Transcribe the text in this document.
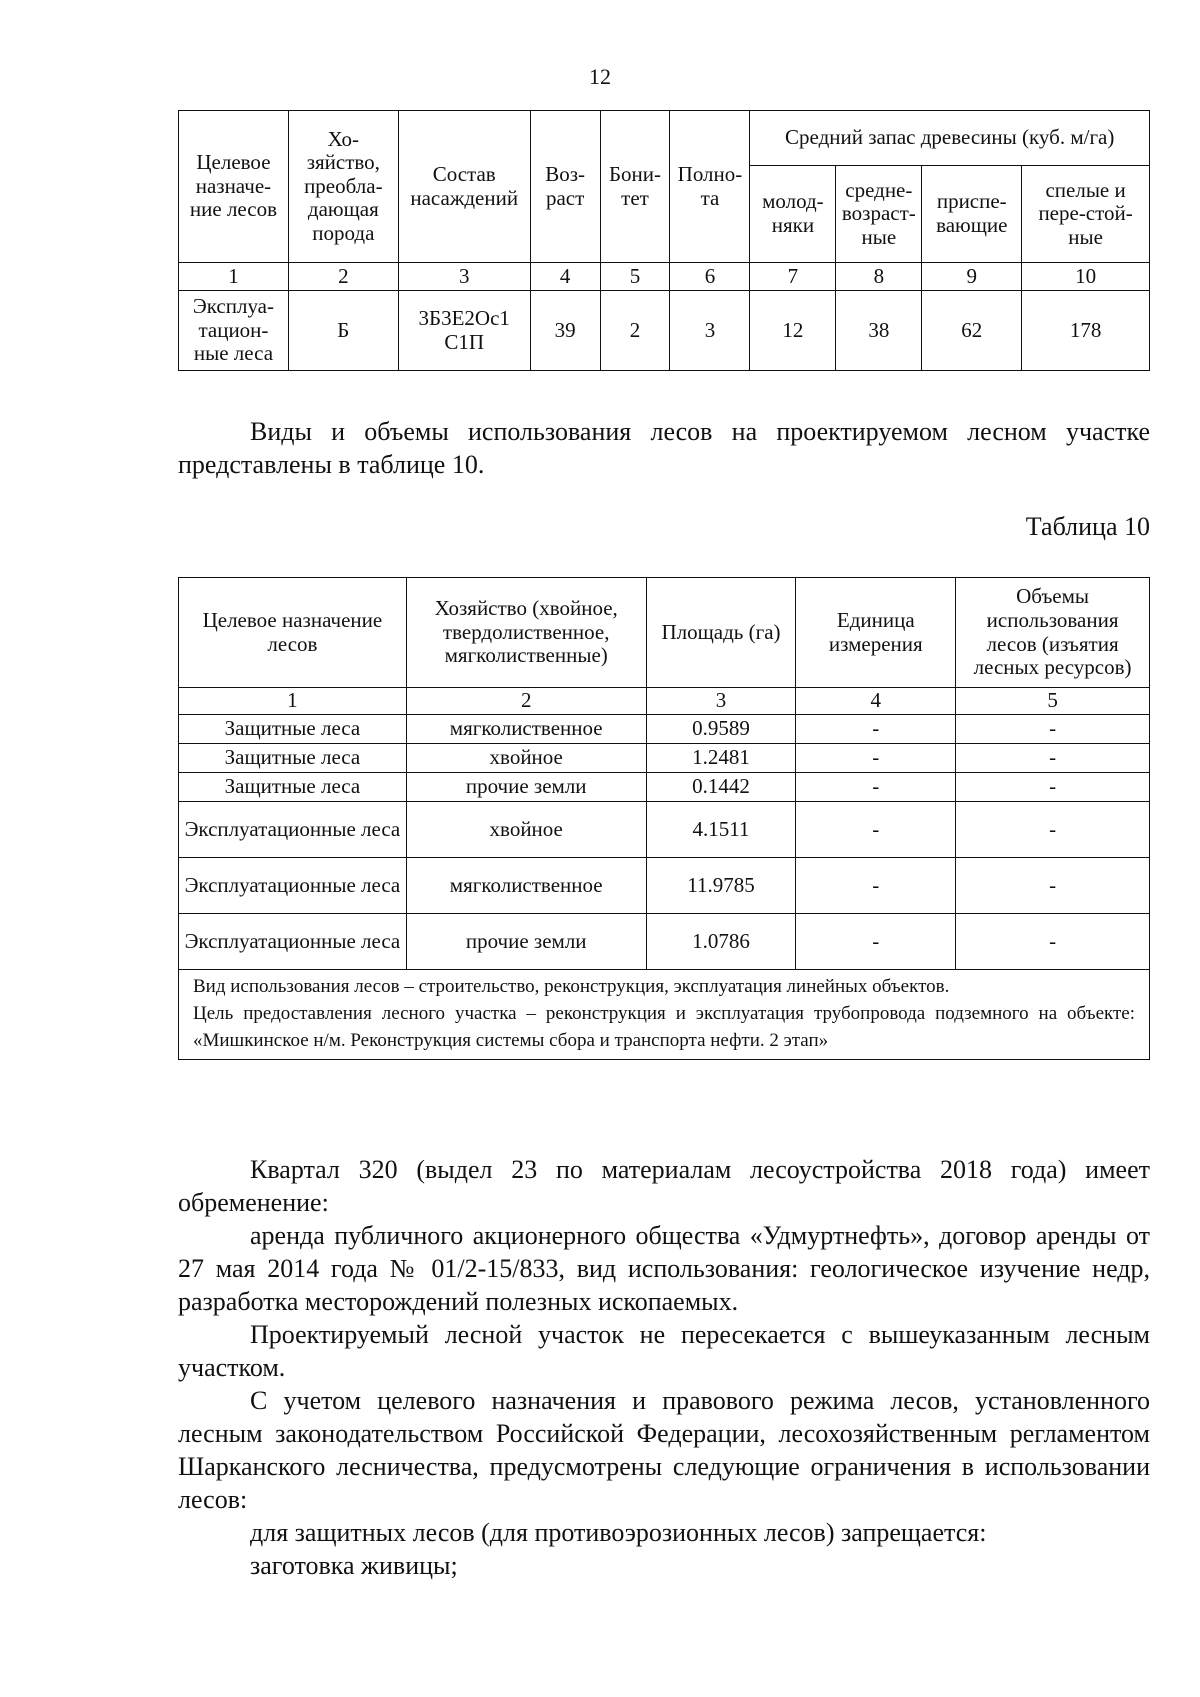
12
Целевое назначе-ние лесов	Хо-зяйство, преобла-дающая порода	Состав насаждений	Воз-раст	Бони-тет	Полно-та	Средний запас древесины (куб. м/га)			
						молод-няки	средне-возраст-ные	приспе-вающие	спелые и пере-стой-ные
1	2	3	4	5	6	7	8	9	10
Эксплуа-тацион-ные леса	Б	3Б3Е2Ос1 С1П	39	2	3	12	38	62	178

Виды и объемы использования лесов на проектируемом лесном участке представлены в таблице 10.

Таблица 10
Целевое назначение лесов	Хозяйство (хвойное, твердолиственное, мягколиственные)	Площадь (га)	Единица измерения	Объемы использования лесов (изъятия лесных ресурсов)
1	2	3	4	5
Защитные леса	мягколиственное	0.9589	-	-
Защитные леса	хвойное	1.2481	-	-
Защитные леса	прочие земли	0.1442	-	-
Эксплуатационные леса	хвойное	4.1511	-	-
Эксплуатационные леса	мягколиственное	11.9785	-	-
Эксплуатационные леса	прочие земли	1.0786	-	-

Вид использования лесов – строительство, реконструкция, эксплуатация линейных объектов.
Цель предоставления лесного участка – реконструкция и эксплуатация трубопровода подземного на объекте: «Мишкинское н/м. Реконструкция системы сбора и транспорта нефти. 2 этап»				

Квартал 320 (выдел 23 по материалам лесоустройства 2018 года) имеет обременение:

аренда публичного акционерного общества «Удмуртнефть», договор аренды от 27 мая 2014 года № 01/2-15/833, вид использования: геологическое изучение недр, разработка месторождений полезных ископаемых.

Проектируемый лесной участок не пересекается с вышеуказанным лесным участком.

С учетом целевого назначения и правового режима лесов, установленного лесным законодательством Российской Федерации, лесохозяйственным регламентом Шарканского лесничества, предусмотрены следующие ограничения в использовании лесов:

для защитных лесов (для противоэрозионных лесов) запрещается:

заготовка живицы;
